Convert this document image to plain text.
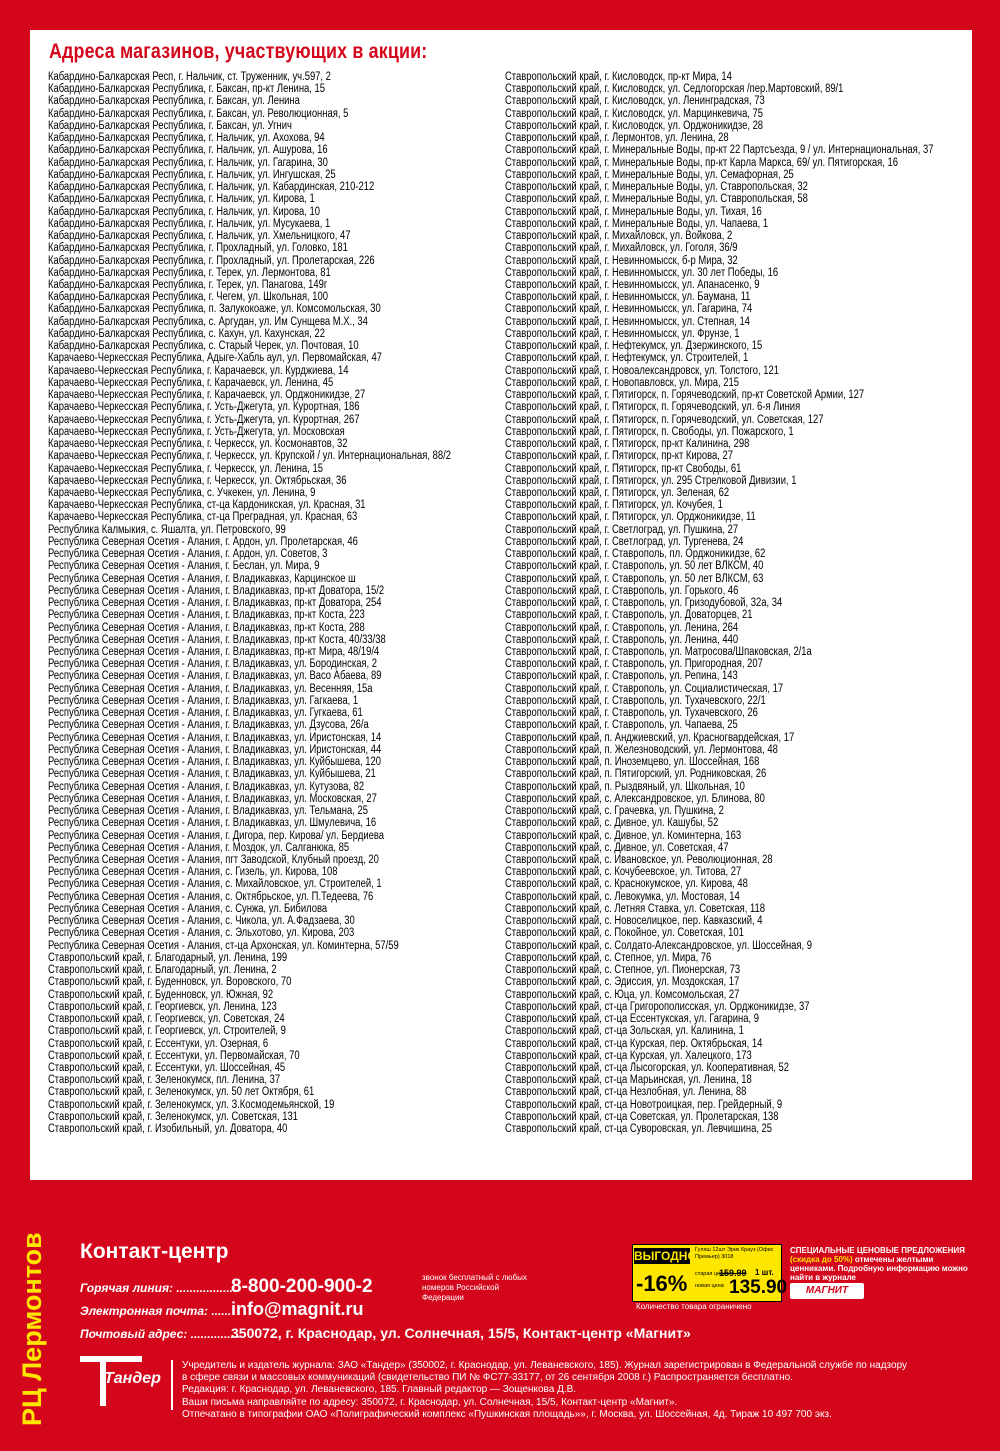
Адреса магазинов, участвующих в акции:
Кабардино-Балкарская Респ, г. Нальчик, ст. Труженник, уч.597, 2
Кабардино-Балкарская Республика, г. Баксан, пр-кт Ленина, 15
Кабардино-Балкарская Республика, г. Баксан, ул. Ленина
Кабардино-Балкарская Республика, г. Баксан, ул. Революционная, 5
Кабардино-Балкарская Республика, г. Баксан, ул. Угнич
Кабардино-Балкарская Республика, г. Нальчик, ул. Ахохова, 94
Кабардино-Балкарская Республика, г. Нальчик, ул. Ашурова, 16
Кабардино-Балкарская Республика, г. Нальчик, ул. Гагарина, 30
Кабардино-Балкарская Республика, г. Нальчик, ул. Ингушская, 25
Кабардино-Балкарская Республика, г. Нальчик, ул. Кабардинская, 210-212
Кабардино-Балкарская Республика, г. Нальчик, ул. Кирова, 1
Кабардино-Балкарская Республика, г. Нальчик, ул. Кирова, 10
Кабардино-Балкарская Республика, г. Нальчик, ул. Мусукаева, 1
Кабардино-Балкарская Республика, г. Нальчик, ул. Хмельницкого, 47
Кабардино-Балкарская Республика, г. Прохладный, ул. Головко, 181
Кабардино-Балкарская Республика, г. Прохладный, ул. Пролетарская, 226
Кабардино-Балкарская Республика, г. Терек, ул. Лермонтова, 81
Кабардино-Балкарская Республика, г. Терек, ул. Панагова, 149г
Кабардино-Балкарская Республика, г. Чегем, ул. Школьная, 100
Кабардино-Балкарская Республика, п. Залукокоаже, ул. Комсомольская, 30
Кабардино-Балкарская Республика, с. Аргудан, ул. Им Сунщева М.Х., 34
Кабардино-Балкарская Республика, с. Кахун, ул. Кахунская, 22
Кабардино-Балкарская Республика, с. Старый Черек, ул. Почтовая, 10
Карачаево-Черкесская Республика, Адыге-Хабль аул, ул. Первомайская, 47
Карачаево-Черкесская Республика, г. Карачаевск, ул. Курджиева, 14
Карачаево-Черкесская Республика, г. Карачаевск, ул. Ленина, 45
Карачаево-Черкесская Республика, г. Карачаевск, ул. Орджоникидзе, 27
Карачаево-Черкесская Республика, г. Усть-Джегута, ул. Курортная, 186
Карачаево-Черкесская Республика, г. Усть-Джегута, ул. Курортная, 267
Карачаево-Черкесская Республика, г. Усть-Джегута, ул. Московская
Карачаево-Черкесская Республика, г. Черкесск, ул. Космонавтов, 32
Карачаево-Черкесская Республика, г. Черкесск, ул. Крупской / ул. Интернациональная, 88/2
Карачаево-Черкесская Республика, г. Черкесск, ул. Ленина, 15
Карачаево-Черкесская Республика, г. Черкесск, ул. Октябрьская, 36
Карачаево-Черкесская Республика, с. Учкекен, ул. Ленина, 9
Карачаево-Черкесская Республика, ст-ца Кардоникская, ул. Красная, 31
Карачаево-Черкесская Республика, ст-ца Преградная, ул. Красная, 63
Республика Калмыкия, с. Яшалта, ул. Петровского, 99
Республика Северная Осетия - Алания, г. Ардон, ул. Пролетарская, 46
Республика Северная Осетия - Алания, г. Ардон, ул. Советов, 3
Республика Северная Осетия - Алания, г. Беслан, ул. Мира, 9
Республика Северная Осетия - Алания, г. Владикавказ, Карцинское ш
Республика Северная Осетия - Алания, г. Владикавказ, пр-кт Доватора, 15/2
Республика Северная Осетия - Алания, г. Владикавказ, пр-кт Доватора, 254
Республика Северная Осетия - Алания, г. Владикавказ, пр-кт Коста, 223
Республика Северная Осетия - Алания, г. Владикавказ, пр-кт Коста, 288
Республика Северная Осетия - Алания, г. Владикавказ, пр-кт Коста, 40/33/38
Республика Северная Осетия - Алания, г. Владикавказ, пр-кт Мира, 48/19/4
Республика Северная Осетия - Алания, г. Владикавказ, ул. Бородинская, 2
Республика Северная Осетия - Алания, г. Владикавказ, ул. Васо Абаева, 89
Республика Северная Осетия - Алания, г. Владикавказ, ул. Весенняя, 15а
Республика Северная Осетия - Алания, г. Владикавказ, ул. Гагкаева, 1
Республика Северная Осетия - Алания, г. Владикавказ, ул. Гугкаева, 61
Республика Северная Осетия - Алания, г. Владикавказ, ул. Дзусова, 26/а
Республика Северная Осетия - Алания, г. Владикавказ, ул. Иристонская, 14
Республика Северная Осетия - Алания, г. Владикавказ, ул. Иристонская, 44
Республика Северная Осетия - Алания, г. Владикавказ, ул. Куйбышева, 120
Республика Северная Осетия - Алания, г. Владикавказ, ул. Куйбышева, 21
Республика Северная Осетия - Алания, г. Владикавказ, ул. Кутузова, 82
Республика Северная Осетия - Алания, г. Владикавказ, ул. Московская, 27
Республика Северная Осетия - Алания, г. Владикавказ, ул. Тельмана, 25
Республика Северная Осетия - Алания, г. Владикавказ, ул. Шмулевича, 16
Республика Северная Осетия - Алания, г. Дигора, пер. Кирова/ ул. Бердиева
Республика Северная Осетия - Алания, г. Моздок, ул. Салганюка, 85
Республика Северная Осетия - Алания, пгт Заводской, Клубный проезд, 20
Республика Северная Осетия - Алания, с. Гизель, ул. Кирова, 108
Республика Северная Осетия - Алания, с. Михайловское, ул. Строителей, 1
Республика Северная Осетия - Алания, с. Октябрьское, ул. П.Тедеева, 76
Республика Северная Осетия - Алания, с. Сунжа, ул. Бибилова
Республика Северная Осетия - Алания, с. Чикола, ул. А.Фадзаева, 30
Республика Северная Осетия - Алания, с. Эльхотово, ул. Кирова, 203
Республика Северная Осетия - Алания, ст-ца Архонская, ул. Коминтерна, 57/59
Ставропольский край, г. Благодарный, ул. Ленина, 199
Ставропольский край, г. Благодарный, ул. Ленина, 2
Ставропольский край, г. Буденновск, ул. Воровского, 70
Ставропольский край, г. Буденновск, ул. Южная, 92
Ставропольский край, г. Георгиевск, ул. Ленина, 123
Ставропольский край, г. Георгиевск, ул. Советская, 24
Ставропольский край, г. Георгиевск, ул. Строителей, 9
Ставропольский край, г. Ессентуки, ул. Озерная, 6
Ставропольский край, г. Ессентуки, ул. Первомайская, 70
Ставропольский край, г. Ессентуки, ул. Шоссейная, 45
Ставропольский край, г. Зеленокумск, пл. Ленина, 37
Ставропольский край, г. Зеленокумск, ул. 50 лет Октября, 61
Ставропольский край, г. Зеленокумск, ул. З.Космодемьянской, 19
Ставропольский край, г. Зеленокумск, ул. Советская, 131
Ставропольский край, г. Изобильный, ул. Доватора, 40
Ставропольский край, г. Кисловодск, пр-кт Мира, 14
Ставропольский край, г. Кисловодск, ул. Седлогорская /пер.Мартовский, 89/1
Ставропольский край, г. Кисловодск, ул. Ленинградская, 73
Ставропольский край, г. Кисловодск, ул. Марцинкевича, 75
Ставропольский край, г. Кисловодск, ул. Орджоникидзе, 28
Ставропольский край, г. Лермонтов, ул. Ленина, 28
Ставропольский край, г. Минеральные Воды, пр-кт 22 Партсъезда, 9 / ул. Интернациональная, 37
Ставропольский край, г. Минеральные Воды, пр-кт Карла Маркса, 69/ ул. Пятигорская, 16
Ставропольский край, г. Минеральные Воды, ул. Семафорная, 25
Ставропольский край, г. Минеральные Воды, ул. Ставропольская, 32
Ставропольский край, г. Минеральные Воды, ул. Ставропольская, 58
Ставропольский край, г. Минеральные Воды, ул. Тихая, 16
Ставропольский край, г. Минеральные Воды, ул. Чапаева, 1
Ставропольский край, г. Михайловск, ул. Войкова, 2
Ставропольский край, г. Михайловск, ул. Гоголя, 36/9
Ставропольский край, г. Невинномысск, б-р Мира, 32
Ставропольский край, г. Невинномысск, ул. 30 лет Победы, 16
Ставропольский край, г. Невинномысск, ул. Апанасенко, 9
Ставропольский край, г. Невинномысск, ул. Баумана, 11
Ставропольский край, г. Невинномысск, ул. Гагарина, 74
Ставропольский край, г. Невинномысск, ул. Степная, 14
Ставропольский край, г. Невинномысск, ул. Фрунзе, 1
Ставропольский край, г. Нефтекумск, ул. Дзержинского, 15
Ставропольский край, г. Нефтекумск, ул. Строителей, 1
Ставропольский край, г. Новоалександровск, ул. Толстого, 121
Ставропольский край, г. Новопавловск, ул. Мира, 215
Ставропольский край, г. Пятигорск, п. Горячеводский, пр-кт Советской Армии, 127
Ставропольский край, г. Пятигорск, п. Горячеводский, ул. 6-я Линия
Ставропольский край, г. Пятигорск, п. Горячеводский, ул. Советская, 127
Ставропольский край, г. Пятигорск, п. Свободы, ул. Пожарского, 1
Ставропольский край, г. Пятигорск, пр-кт Калинина, 298
Ставропольский край, г. Пятигорск, пр-кт Кирова, 27
Ставропольский край, г. Пятигорск, пр-кт Свободы, 61
Ставропольский край, г. Пятигорск, ул. 295 Стрелковой Дивизии, 1
Ставропольский край, г. Пятигорск, ул. Зеленая, 62
Ставропольский край, г. Пятигорск, ул. Кочубея, 1
Ставропольский край, г. Пятигорск, ул. Орджоникидзе, 11
Ставропольский край, г. Светлоград, ул. Пушкина, 27
Ставропольский край, г. Светлоград, ул. Тургенева, 24
Ставропольский край, г. Ставрополь, пл. Орджоникидзе, 62
Ставропольский край, г. Ставрополь, ул. 50 лет ВЛКСМ, 40
Ставропольский край, г. Ставрополь, ул. 50 лет ВЛКСМ, 63
Ставропольский край, г. Ставрополь, ул. Горького, 46
Ставропольский край, г. Ставрополь, ул. Гризодубовой, 32а, 34
Ставропольский край, г. Ставрополь, ул. Доваторцев, 21
Ставропольский край, г. Ставрополь, ул. Ленина, 264
Ставропольский край, г. Ставрополь, ул. Ленина, 440
Ставропольский край, г. Ставрополь, ул. Матросова/Шпаковская, 2/1а
Ставропольский край, г. Ставрополь, ул. Пригородная, 207
Ставропольский край, г. Ставрополь, ул. Репина, 143
Ставропольский край, г. Ставрополь, ул. Социалистическая, 17
Ставропольский край, г. Ставрополь, ул. Тухачевского, 22/1
Ставропольский край, г. Ставрополь, ул. Тухачевского, 26
Ставропольский край, г. Ставрополь, ул. Чапаева, 25
Ставропольский край, п. Анджиевский, ул. Красногвардейская, 17
Ставропольский край, п. Железноводский, ул. Лермонтова, 48
Ставропольский край, п. Иноземцево, ул. Шоссейная, 168
Ставропольский край, п. Пятигорский, ул. Родниковская, 26
Ставропольский край, п. Рыздвяный, ул. Школьная, 10
Ставропольский край, с. Александровское, ул. Блинова, 80
Ставропольский край, с. Грачевка, ул. Пушкина, 2
Ставропольский край, с. Дивное, ул. Кашубы, 52
Ставропольский край, с. Дивное, ул. Коминтерна, 163
Ставропольский край, с. Дивное, ул. Советская, 47
Ставропольский край, с. Ивановское, ул. Революционная, 28
Ставропольский край, с. Кочубеевское, ул. Титова, 27
Ставропольский край, с. Краснокумское, ул. Кирова, 48
Ставропольский край, с. Левокумка, ул. Мостовая, 14
Ставропольский край, с. Летняя Ставка, ул. Советская, 118
Ставропольский край, с. Новоселицкое, пер. Кавказский, 4
Ставропольский край, с. Покойное, ул. Советская, 101
Ставропольский край, с. Солдато-Александровское, ул. Шоссейная, 9
Ставропольский край, с. Степное, ул. Мира, 76
Ставропольский край, с. Степное, ул. Пионерская, 73
Ставропольский край, с. Эдиссия, ул. Моздокская, 17
Ставропольский край, с. Юца, ул. Комсомольская, 27
Ставропольский край, ст-ца Григорополисская, ул. Орджоникидзе, 37
Ставропольский край, ст-ца Ессентукская, ул. Гагарина, 9
Ставропольский край, ст-ца Зольская, ул. Калинина, 1
Ставропольский край, ст-ца Курская, пер. Октябрьская, 14
Ставропольский край, ст-ца Курская, ул. Халецкого, 173
Ставропольский край, ст-ца Лысогорская, ул. Кооперативная, 52
Ставропольский край, ст-ца Марьинская, ул. Ленина, 18
Ставропольский край, ст-ца Незлобная, ул. Ленина, 88
Ставропольский край, ст-ца Новотроицкая, пер. Грейдерный, 9
Ставропольский край, ст-ца Советская, ул. Пролетарская, 138
Ставропольский край, ст-ца Суворовская, ул. Левчишина, 25
РЦ Лермонтов Контакт-центр
Горячая линия: ..................8-800-200-900-2	звонок бесплатный с любых номеров Российской Федерации
Электронная почта: ......info@magnit.ru
Почтовый адрес: ...............350072, г. Краснодар, ул. Солнечная, 15/5, Контакт-центр «Магнит»
ВЫГОДНО
-16%
Гуляш 12шт Эрик Крауз (Офис Премьер) 3018
старая цена
159.99 1 шт.
новая цена 135.90
Количество товара ограничено
СПЕЦИАЛЬНЫЕ ЦЕНОВЫЕ ПРЕДЛОЖЕНИЯ (скидка до 50%) отмечены желтыми ценниками. Подробную информацию можно найти в журнале
МАГНИТ
Тандер
Учредитель и издатель журнала: ЗАО «Тандер» (350002, г. Краснодар, ул. Леваневского, 185). Журнал зарегистрирован в Федеральной службе по надзору
в сфере связи и массовых коммуникаций (свидетельство ПИ № ФС77-33177, от 26 сентября 2008 г.) Распространяется бесплатно.
Редакция: г. Краснодар, ул. Леваневского, 185. Главный редактор — Зощенкова Д.В.
Ваши письма направляйте по адресу: 350072, г. Краснодар, ул. Солнечная, 15/5, Контакт-центр «Магнит».
Отпечатано в типографии ОАО «Полиграфический комплекс «Пушкинская площадь»», г. Москва, ул. Шоссейная, 4д. Тираж 10 497 700 экз.
